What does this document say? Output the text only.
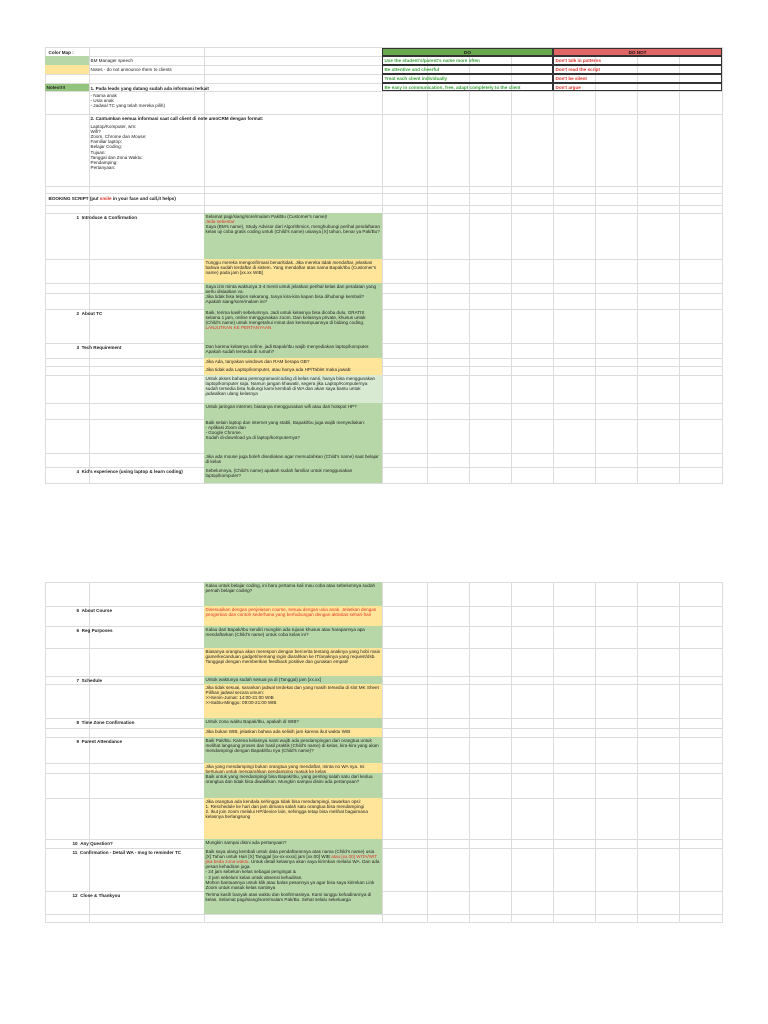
Color Map :
BM Manager speech
Notes - do not announce them to clients
DO	DO NOT
Use the student's/parent's name more often
Be attentive and cheerful
Treat each client individually
Be easy in communication, free, adapt completely to the client
Don't talk in patterns
Don't read the script
Don't be silent
Don't argue
Notes!!!!	1. Pada leads yang datang sudah ada informasi terkait
- Nama anak
- Usia anak
- Jadwal TC yang telah mereka pilih)
2. Cantumkan semua informasi saat call client di note amoCRM dengan format:
Laptop/Komputer, wm:
Wifi?
Zoom, Chrome dan Mouse:
Familiar laptop:
Belajar Coding:
Tujuan:
Tanggal dan Zona Waktu:
Pendamping:
Pertanyaan:
BOOKING SCRIPT (put smile in your face and call,it helps)
1 Introduce & Confirmation
2 About TC
3 Tech Requirement
4 Kid's experience (using laptop & learn coding)
Selamat pagi/siang/sore/malam Pak/Bu (Customer's name)!
Jeda sebentar
Saya (BM's name), Study Advisor dari Algorithmics, menghubungi perihal pendaftaran kelas uji coba gratis coding untuk (Child's name) usianya [X] tahun, benar ya Pak/Bu?
Tunggu mereka mengonfirmasi benar/tidak. Jika mereka tidak mendaftar, jelaskan bahwa sudah terdaftar di sistem. Yang mendaftar atas nama Bapak/Ibu (Customer's name) pada jam [xx.xx WIB]
Saya izin minta waktunya 3-4 menit untuk jelaskan perihal kelas dan peralatan yang perlu disiapkan ya.
Jika tidak bisa telpon sekarang, tanya kira-kira kapan bisa dihubungi kembali? Apakah siang/sore/malam ini?
Baik, terima kasih sebelumnya. Jadi untuk kelasnya bisa dicoba dulu, GRATIS selama 1 jam, online menggunakan zoom. Dan kelasnya private, khusus untuk (Child's name) untuk mengetahui minat dan kemampuannya di bidang coding.
LANJUTKAN KE PERTANYAAN
Dan karena kelasnya online, jadi Bapak/Ibu wajib menyediakan laptop/komputer. Apakah sudah tersedia di rumah?
Jika Ada, tanyakan windows dan RAM berapa GB?
Jika tidak ada Laptop/komputer, atau hanya ada HP/Tablet maka jawab:
Untuk akses bahasa pemrograman/coding di kelas nanti, hanya bisa menggunakan laptop/komputer saja. Namun jangan khawatir, segera jika Laptop/Komputernya sudah tersedia bisa hubungi kami kembali di WA dan akan saya bantu untuk jadwalkan ulang kelasnya
Untuk jaringan internet, biasanya menggunakan wifi atau dari hotspot HP?
Baik selain laptop dan internet yang stabil, Bapak/Ibu juga wajib menyediakan:
- Aplikasi Zoom dan
- Google Chrome.
Sudah di-download ya di laptop/komputernya?
Jika ada mouse juga boleh disediakan agar memudahkan (Child's name) saat belajar di kelas
Sebelumnya, (Child's name) apakah sudah familiar untuk menggunakan laptop/komputer?
5 About Course
6 Reg Purposes
7 Schedule
8 Time Zone Confirmation
9 Parent Attendance
10 Any Question?
11 Confirmation - Detail WA - msg to reminder TC
12 Close & Thankyou
Kalau untuk belajar coding, ini baru pertama kali mau coba atau sebelumnya sudah pernah belajar coding?
Disesuaikan dengan penjelasan course, sesuai dengan usia anak. Jelaskan dengan pengertian dan contoh sederhana yang berhubungan dengan aktivitas sehari-hari
Kalau dari Bapak/Ibu sendiri mungkin ada tujuan khusus atau harapannya apa mendaftarkan (Child's name) untuk coba kelas ini?
Biasanya orangtua akan merespon dengan bercerita tentang anaknya yang hobi main game/kecanduan gadget/memang ingin diarahkan ke IT/anaknya yang request/dsb. Tanggapi dengan memberikan feedback positive dan gunakan empati!
Untuk waktunya sudah sesuai ya di (Tanggal) jam [xx.xx]
Jika tidak sesuai, sarankan jadwal terdekat dan yang masih tersedia di slot MK Sheet
Pilihan jadwal secara umum:
>>Senin-Jumat: 14:00-21:00 WIB
>>Sabtu-Minggu: 09:00-21:00 WIB
Untuk zona waktu Bapak/Ibu, apakah di WIB?
Jika bukan WIB, jelaskan bahwa ada selisih jam karena ikut waktu WIB
Baik Pak/Bu. Karena kelasnya nanti wajib ada pendampingan dari orangtua untuk melihat langsung proses dan hasil praktik (Child's name) di kelas, kira-kira yang akan mendampingi dengan Bapak/Ibu nya (Child's name)?
Jika yang mendampingi bukan orangtua yang mendaftar, minta no WA nya. Ini bertujuan untuk mengarahkan pendamping masuk ke kelas
Baik untuk yang mendampingi bisa Bapak/Ibu, yang penting salah satu dari kedua orangtua dan tidak bisa diwakilkan. Mungkin sampai disini ada pertanyaan?
Jika orangtua ada kendala sehingga tidak bisa mendampingi, tawarkan opsi:
1. Reschedule ke hari dan jam dimana salah satu orangtua bisa mendampingi
2. Ikut join zoom melalui HP/device lain, sehingga tetap bisa melihat bagaimana kelasnya berlangsung
Mungkin sampai disini ada pertanyaan?
Baik saya ulang kembali untuk data pendaftarannya atas nama (Child's name) usia [X] Tahun untuk Hari [X] Tanggal [xx-xx-xxxx] jam [xx.00] WIB atau [xx.00] WITA/WIT jika beda zona waktu. Untuk detail kelasnya akan saya kirimkan melalui WA. Dan ada pesan kehadiran juga.
- 24 jam sebelum kelas sebagai pengingat &
- 3 jam sebelum kelas untuk absensi kehadiran.
Mohon bantuannya untuk klik atau balas pesannya ya agar bisa saya kirimkan Link Zoom untuk masuk kelas nantinya
Terima kasih banyak atas waktu dan konfirmasinya. Kami tunggu kehadirannya di kelas. Selamat pagi/siang/sore/malam Pak/Bu. Sehat selalu sekeluarga
